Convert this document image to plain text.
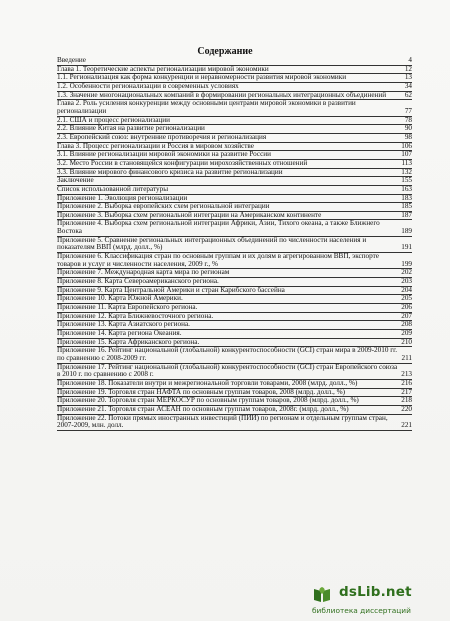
Содержание
Введение	4
Глава 1. Теоретические аспекты регионализации мировой экономики	12
1.1. Регионализация как форма конкуренции и неравномерности развития мировой экономики	13
1.2. Особенности регионализации в современных условиях	34
1.3. Значение многонациональных компаний в формировании региональных интеграционных объединений	62
Глава 2. Роль усиления конкуренции между основными центрами мировой экономики в развитии регионализации	77
2.1. США и процесс регионализации	78
2.2. Влияние Китая на развитие регионализации	90
2.3. Европейский союз: внутренние противоречия и регионализация	98
Глава 3. Процесс регионализации и Россия в мировом хозяйстве	106
3.1. Влияние регионализации мировой экономики на развитие России	107
3.2. Место России в становящейся конфигурации мирохозяйственных отношений	113
3.3. Влияние мирового финансового кризиса на развитие регионализации	132
Заключение	155
Список использованной литературы	163
Приложение 1. Эволюция регионализации	183
Приложение 2. Выборка европейских схем региональной интеграции	185
Приложение 3. Выборка схем региональной интеграции на Американском континенте	187
Приложение 4. Выборка схем региональной интеграции Африки, Азии, Тихого океана, а также Ближнего Востока	189
Приложение 5. Сравнение региональных интеграционных объединений по численности населения и показателям ВВП (млрд. долл., %)	191
Приложение 6. Классификация стран по основным группам и их долям в агрегированном ВВП, экспорте товаров и услуг и численности населения, 2009 г., %	199
Приложение 7. Международная карта мира по регионам	202
Приложение 8. Карта Североамериканского региона.	203
Приложение 9. Карта Центральной Америки и стран Карибского бассейна	204
Приложение 10. Карта Южной Америки.	205
Приложение 11. Карта Европейского региона.	206
Приложение 12. Карта Ближневосточного региона.	207
Приложение 13. Карта Азиатского региона.	208
Приложение 14. Карта региона Океания.	209
Приложение 15. Карта Африканского региона.	210
Приложение 16. Рейтинг национальной (глобальной) конкурентоспособности (GCI) стран мира в 2009-2010 гг. по сравнению с 2008-2009 гг.	211
Приложение 17. Рейтинг национальной (глобальной) конкурентоспособности (GCI) стран Европейского союза в 2010 г. по сравнению с 2008 г.	213
Приложение 18. Показатели внутри и межрегиональной торговли товарами, 2008 (млрд. долл., %)	216
Приложение 19. Торговля стран НАФТА по основным группам товаров, 2008 (млрд. долл., %)	217
Приложение 20. Торговля стран МЕРКОСУР по основным группам товаров, 2008 (млрд. долл., %)	218
Приложение 21. Торговля стран АСЕАН по основным группам товаров, 2008г. (млрд. долл., %)	220
Приложение 22. Потоки прямых иностранных инвестиций (ПИИ) по регионам и отдельным группам стран, 2007-2009, млн. долл.	221
dsLib.net
библиотека диссертаций
